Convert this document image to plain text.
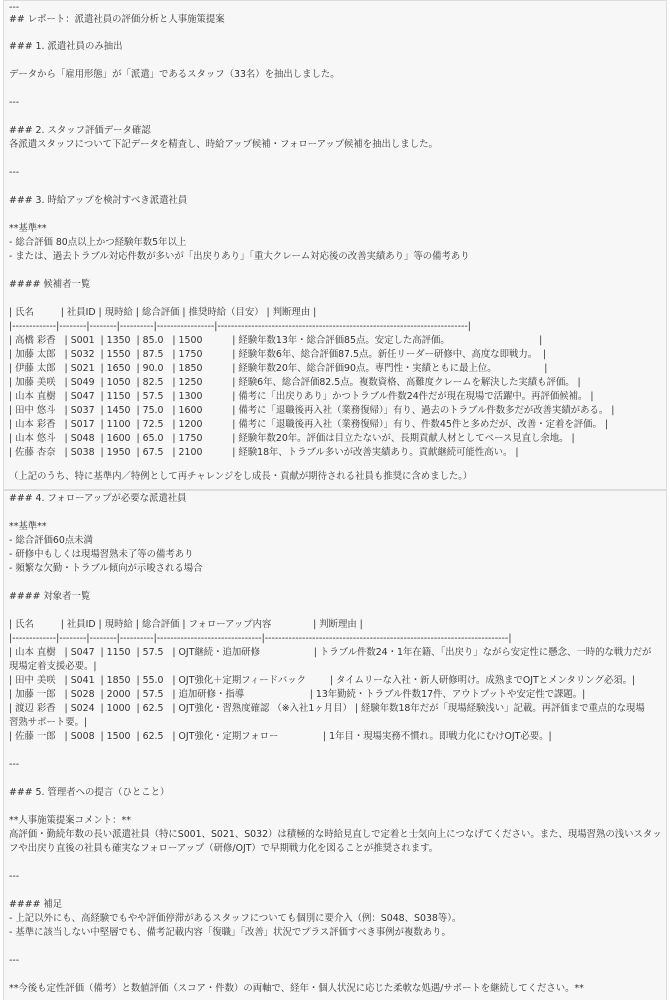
---
## レポート：派遣社員の評価分析と人事施策提案
### 1. 派遣社員のみ抽出
データから「雇用形態」が「派遣」であるスタッフ（33名）を抽出しました。
---
### 2. スタッフ評価データ確認
各派遣スタッフについて下記データを精査し、時給アップ候補・フォローアップ候補を抽出しました。
---
### 3. 時給アップを検討すべき派遣社員
**基準**
- 総合評価 80点以上かつ経験年数5年以上
- または、過去トラブル対応件数が多いが「出戻りあり」「重大クレーム対応後の改善実績あり」等の備考あり
#### 候補者一覧
| 氏名         | 社員ID | 現時給 | 総合評価 | 推奨時給（目安） | 判断理由 |
|-------------|--------|--------|----------|-----------------|--------------------------------------------------------------------------|
| 高橋 彩香   | S001  | 1350  | 85.0   | 1500          | 経験年数13年・総合評価85点。安定した高評価。                              |
| 加藤 太郎   | S032  | 1550  | 87.5   | 1750          | 経験年数6年、総合評価87.5点。新任リーダー研修中、高度な即戦力。  |
| 伊藤 太郎   | S021  | 1650  | 90.0   | 1850          | 経験年数20年、総合評価90点。専門性・実績ともに最上位。                |
| 加藤 美咲   | S049  | 1050  | 82.5   | 1250          | 経験6年、総合評価82.5点。複数資格、高難度クレームを解決した実績も評価。 |
| 山本 直樹   | S047  | 1150  | 57.5   | 1300          | 備考に「出戻りあり」かつトラブル件数24件だが現在現場で活躍中。再評価候補。 |
| 田中 悠斗   | S037  | 1450  | 75.0   | 1600          | 備考に「退職後再入社（業務復帰）」有り、過去のトラブル件数多だが改善実績がある。 |
| 山本 彩香   | S017  | 1100  | 72.5   | 1200          | 備考に「退職後再入社（業務復帰）」有り、件数45件と多めだが、改善・定着を評価。 |
| 山本 悠斗   | S048  | 1600  | 65.0   | 1750          | 経験年数20年。評価は目立たないが、長期貢献人材としてベース見直し余地。 |
| 佐藤 杏奈   | S038  | 1950  | 67.5   | 2100          | 経験18年、トラブル多いが改善実績あり。貢献継続可能性高い。 |
（上記のうち、特に基準内／特例として再チャレンジをし成長・貢献が期待される社員も推奨に含めました。）
### 4. フォローアップが必要な派遣社員
**基準**
- 総合評価60点未満
- 研修中もしくは現場習熟未了等の備考あり
- 頻繁な欠勤・トラブル傾向が示唆される場合
#### 対象者一覧
| 氏名         | 社員ID | 現時給 | 総合評価 | フォローアップ内容              | 判断理由 |
|-------------|--------|--------|----------|-------------------------------|------------------------------------------------------------------------|
| 山本 直樹   | S047  | 1150  | 57.5   | OJT継続・追加研修                  | トラブル件数24・1年在籍、「出戻り」ながら安定性に懸念、一時的な戦力だが
現場定着支援必要。|
| 田中 美咲   | S041  | 1850  | 55.0   | OJT強化＋定期フィードバック        | タイムリーな入社・新人研修明け。成熟までOJTとメンタリング必須。|
| 加藤 一郎   | S028  | 2000  | 57.5   | 追加研修・指導                      | 13年勤続・トラブル件数17件、アウトプットや安定性で課題。|
| 渡辺 彩香   | S024  | 1000  | 62.5   | OJT強化・習熟度確認 （※入社1ヶ月目） | 経験年数18年だが「現場経験浅い」記載。再評価まで重点的な現場
習熟サポート要。|
| 佐藤 一郎   | S008  | 1500  | 62.5   | OJT強化・定期フォロー               | 1年目・現場実務不慣れ。即戦力化にむけOJT必要。|
---
### 5. 管理者への提言（ひとこと）
**人事施策提案コメント：**
高評価・勤続年数の長い派遣社員（特にS001、S021、S032）は積極的な時給見直しで定着と士気向上につなげてください。また、現場習熟の浅いスタッ
フや出戻り直後の社員も確実なフォローアップ（研修/OJT）で早期戦力化を図ることが推奨されます。
---
#### 補足
- 上記以外にも、高経験でもやや評価停滞があるスタッフについても個別に要介入（例：S048、S038等）。
- 基準に該当しない中堅層でも、備考記載内容「復職」「改善」状況でプラス評価すべき事例が複数あり。
---
**今後も定性評価（備考）と数値評価（スコア・件数）の両軸で、経年・個人状況に応じた柔軟な処遇/サポートを継続してください。**
